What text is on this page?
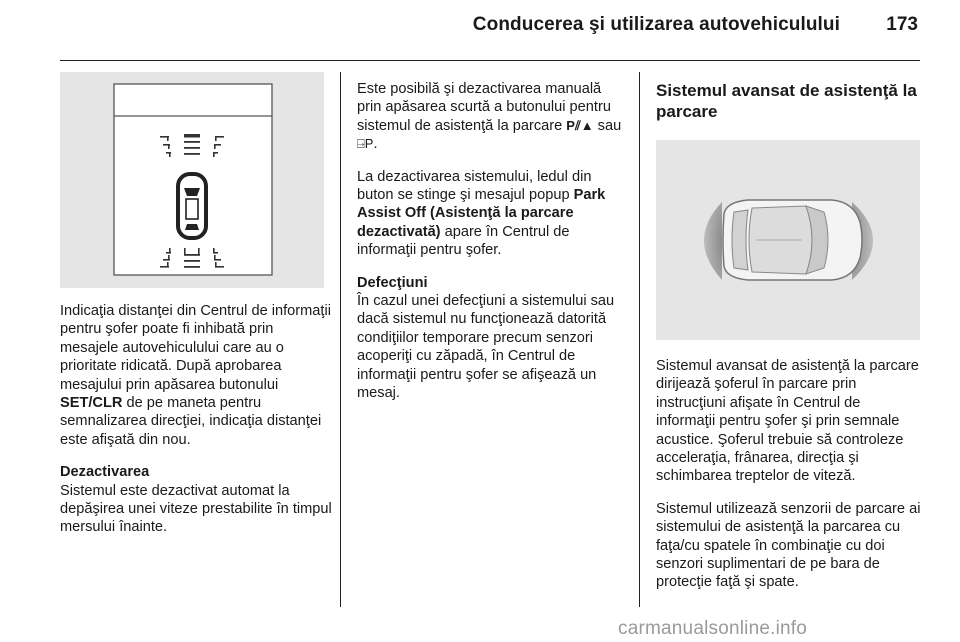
Conducerea şi utilizarea autovehiculului 173

Indicaţia distanţei din Centrul de informaţii pentru şofer poate fi inhibată prin mesajele autovehiculului care au o prioritate ridicată. După aprobarea mesajului prin apăsarea butonului SET/CLR de pe maneta pentru semnalizarea direcţiei, indicaţia distanţei este afişată din nou.

Dezactivarea

Sistemul este dezactivat automat la depăşirea unei viteze prestabilite în timpul mersului înainte.

Este posibilă şi dezactivarea manuală prin apăsarea scurtă a butonului pentru sistemul de asistenţă la parcare P⫽▲ sau ⍈P.

La dezactivarea sistemului, ledul din buton se stinge şi mesajul popup Park Assist Off (Asistenţă la parcare dezactivată) apare în Centrul de informaţii pentru şofer.

Defecţiuni

În cazul unei defecţiuni a sistemului sau dacă sistemul nu funcţionează datorită condiţiilor temporare precum senzori acoperiţi cu zăpadă, în Centrul de informaţii pentru şofer se afişează un mesaj.

Sistemul avansat de asistenţă la parcare

Sistemul avansat de asistenţă la parcare dirijează şoferul în parcare prin instrucţiuni afişate în Centrul de informaţii pentru şofer şi prin semnale acustice. Şoferul trebuie să controleze acceleraţia, frânarea, direcţia şi schimbarea treptelor de viteză.

Sistemul utilizează senzorii de parcare ai sistemului de asistenţă la parcarea cu faţa/cu spatele în combinaţie cu doi senzori suplimentari de pe bara de protecţie faţă şi spate.

carmanualsonline.info
